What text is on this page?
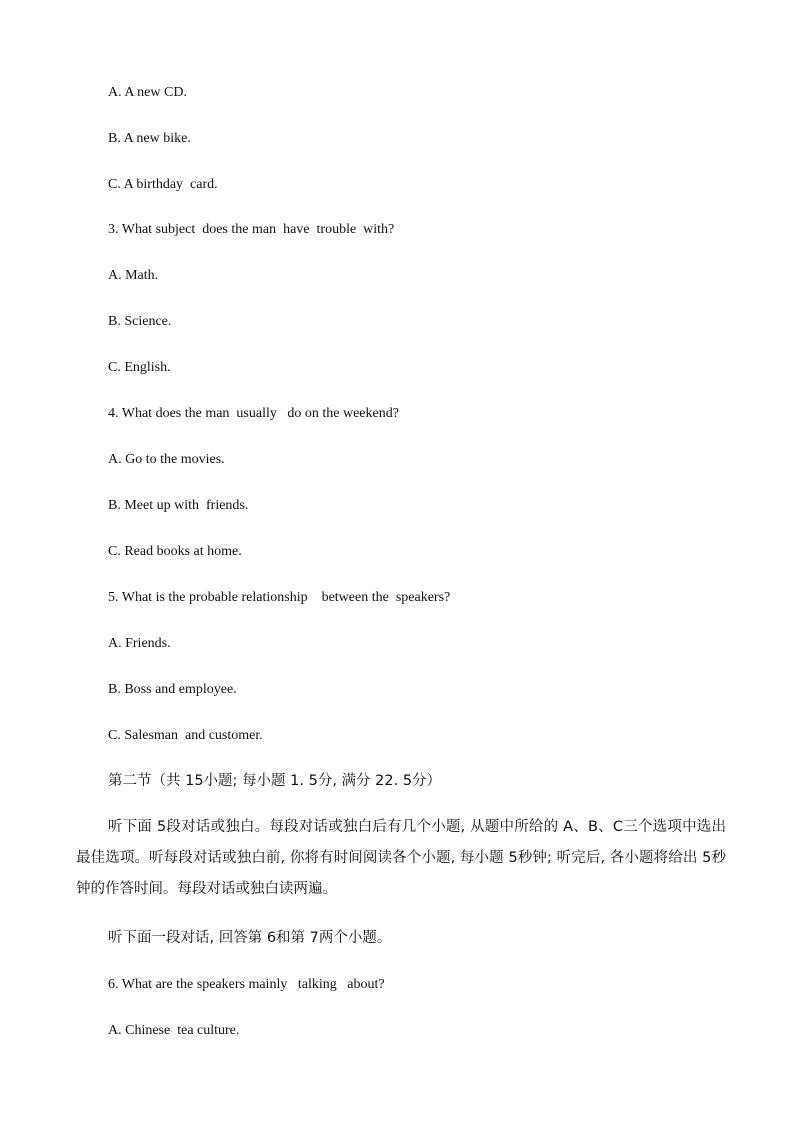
A. A new CD.
B. A new bike.
C. A birthday  card.
3. What subject  does the man  have  trouble  with?
A. Math.
B. Science.
C. English.
4. What does the man  usually   do on the weekend?
A. Go to the movies.
B. Meet up with  friends.
C. Read books at home.
5. What is the probable relationship    between the  speakers?
A. Friends.
B. Boss and employee.
C. Salesman  and customer.
第二节（共 15小题; 每小题 1. 5分, 满分 22. 5分）

听下面 5段对话或独白。每段对话或独白后有几个小题, 从题中所给的 A、B、C三个选项中选出最佳选项。听每段对话或独白前, 你将有时间阅读各个小题, 每小题 5秒钟; 听完后, 各小题将给出 5秒钟的作答时间。每段对话或独白读两遍。

听下面一段对话, 回答第 6和第 7两个小题。
6. What are the speakers mainly   talking   about?
A. Chinese  tea culture.
